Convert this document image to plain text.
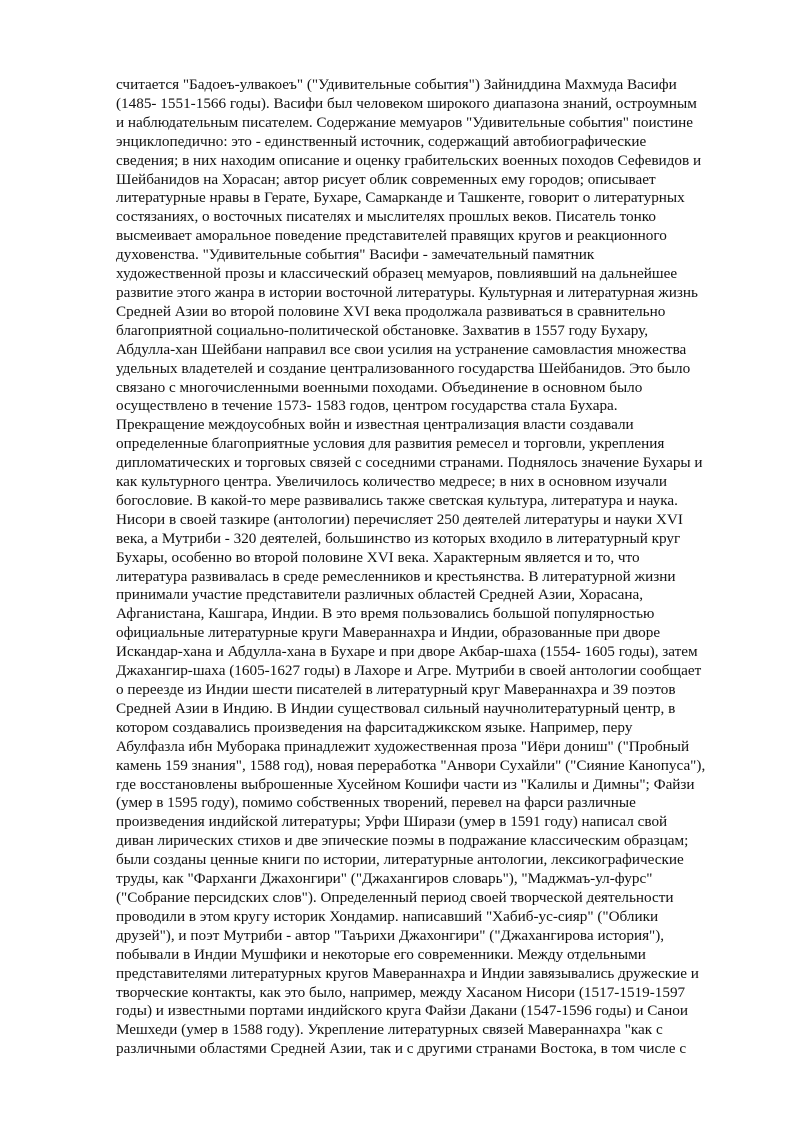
считается "Бадоеъ-улвакоеъ" ("Удивительные события") Зайниддина Махмуда Васифи
(1485- 1551-1566 годы). Васифи был человеком широкого диапазона знаний, остроумным
и наблюдательным писателем. Содержание мемуаров "Удивительные события" поистине
энциклопедично: это - единственный источник, содержащий автобиографические
сведения; в них находим описание и оценку грабительских военных походов Сефевидов и
Шейбанидов на Хорасан; автор рисует облик современных ему городов; описывает
литературные нравы в Герате, Бухаре, Самарканде и Ташкенте, говорит о литературных
состязаниях, о восточных писателях и мыслителях прошлых веков. Писатель тонко
высмеивает аморальное поведение представителей правящих кругов и реакционного
духовенства. "Удивительные события" Васифи - замечательный памятник
художественной прозы и классический образец мемуаров, повлиявший на дальнейшее
развитие этого жанра в истории восточной литературы. Культурная и литературная жизнь
Средней Азии во второй половине XVI века продолжала развиваться в сравнительно
благоприятной социально-политической обстановке. Захватив в 1557 году Бухару,
Абдулла-хан Шейбани направил все свои усилия на устранение самовластия множества
удельных владетелей и создание централизованного государства Шейбанидов. Это было
связано с многочисленными военными походами. Объединение в основном было
осуществлено в течение 1573- 1583 годов, центром государства стала Бухара.
Прекращение междоусобных войн и известная централизация власти создавали
определенные благоприятные условия для развития ремесел и торговли, укрепления
дипломатических и торговых связей с соседними странами. Поднялось значение Бухары и
как культурного центра. Увеличилось количество медресе; в них в основном изучали
богословие. В какой-то мере развивались также светская культура, литература и наука.
Нисори в своей тазкире (антологии) перечисляет 250 деятелей литературы и науки XVI
века, а Мутриби - 320 деятелей, большинство из которых входило в литературный круг
Бухары, особенно во второй половине XVI века. Характерным является и то, что
литература развивалась в среде ремесленников и крестьянства. В литературной жизни
принимали участие представители различных областей Средней Азии, Хорасана,
Афганистана, Кашгара, Индии. В это время пользовались большой популярностью
официальные литературные круги Мавераннахра и Индии, образованные при дворе
Искандар-хана и Абдулла-хана в Бухаре и при дворе Акбар-шаха (1554- 1605 годы), затем
Джахангир-шаха (1605-1627 годы) в Лахоре и Агре. Мутриби в своей антологии сообщает
о переезде из Индии шести писателей в литературный круг Мавераннахра и 39 поэтов
Средней Азии в Индию. В Индии существовал сильный научнолитературный центр, в
котором создавались произведения на фарситаджикском языке. Например, перу
Абулфазла ибн Муборака принадлежит художественная проза "Иёри дониш" ("Пробный
камень 159 знания", 1588 год), новая переработка "Анвори Сухайли" ("Сияние Канопуса"),
где восстановлены выброшенные Хусейном Кошифи части из "Калилы и Димны"; Файзи
(умер в 1595 году), помимо собственных творений, перевел на фарси различные
произведения индийской литературы; Урфи Ширази (умер в 1591 году) написал свой
диван лирических стихов и две эпические поэмы в подражание классическим образцам;
были созданы ценные книги по истории, литературные антологии, лексикографические
труды, как "Фарханги Джахонгири" ("Джахангиров словарь"), "Маджмаъ-ул-фурс"
("Собрание персидских слов"). Определенный период своей творческой деятельности
проводили в этом кругу историк Хондамир. написавший "Хабиб-ус-сияр" ("Облики
друзей"), и поэт Мутриби - автор "Таърихи Джахонгири" ("Джахангирова история"),
побывали в Индии Мушфики и некоторые его современники. Между отдельными
представителями литературных кругов Мавераннахра и Индии завязывались дружеские и
творческие контакты, как это было, например, между Хасаном Нисори (1517-1519-1597
годы) и известными портами индийского круга Файзи Дакани (1547-1596 годы) и Санои
Мешхеди (умер в 1588 году). Укрепление литературных связей Мавераннахра "как с
различными областями Средней Азии, так и с другими странами Востока, в том числе с
